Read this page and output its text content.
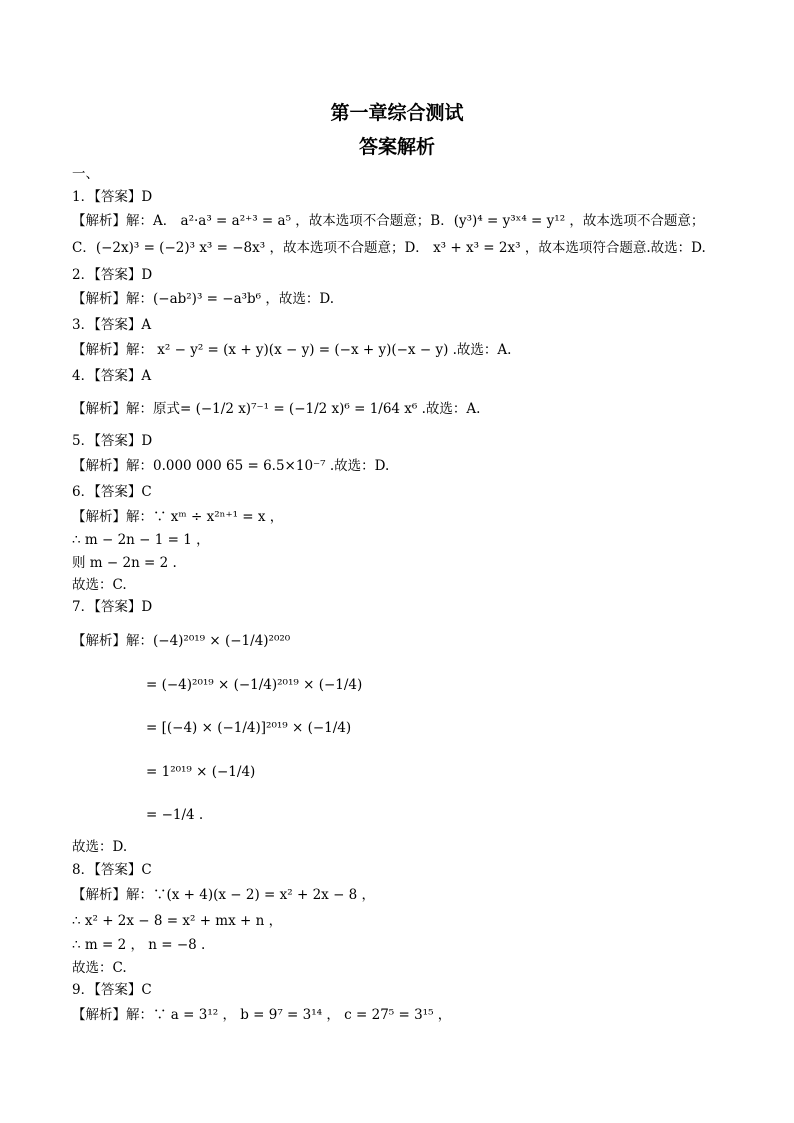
第一章综合测试
答案解析
一、
1．【答案】D
【解析】解：A． a²·a³ = a²⁺³ = a⁵ ，故本选项不合题意；B．(y³)⁴ = y³ˣ⁴ = y¹² ，故本选项不合题意；
C．(−2x)³ = (−2)³ x³ = −8x³ ，故本选项不合题意；D． x³ + x³ = 2x³ ，故本选项符合题意.故选：D.
2．【答案】D
【解析】解：(−ab²)³ = −a³b⁶ ，故选：D.
3．【答案】A
【解析】解： x² − y² = (x + y)(x − y) = (−x + y)(−x − y) .故选：A.
4．【答案】A
【解析】解：原式= (−1/2 x)⁷⁻¹ = (−1/2 x)⁶ = 1/64 x⁶ .故选：A.
5．【答案】D
【解析】解：0.000 000 65 = 6.5×10⁻⁷ .故选：D.
6．【答案】C
【解析】解：∵ xᵐ ÷ x²ⁿ⁺¹ = x ，
∴ m − 2n − 1 = 1 ，
则 m − 2n = 2 .
故选：C.
7．【答案】D
【解析】解：(−4)²⁰¹⁹ × (−1/4)²⁰²⁰
= (−4)²⁰¹⁹ × (−1/4)²⁰¹⁹ × (−1/4)
= [(−4) × (−1/4)]²⁰¹⁹ × (−1/4)
= 1²⁰¹⁹ × (−1/4)
= −1/4 .
故选：D.
8．【答案】C
【解析】解：∵(x + 4)(x − 2) = x² + 2x − 8 ，
∴ x² + 2x − 8 = x² + mx + n ，
∴ m = 2 ， n = −8 .
故选：C.
9．【答案】C
【解析】解：∵ a = 3¹² ， b = 9⁷ = 3¹⁴ ， c = 27⁵ = 3¹⁵ ，
